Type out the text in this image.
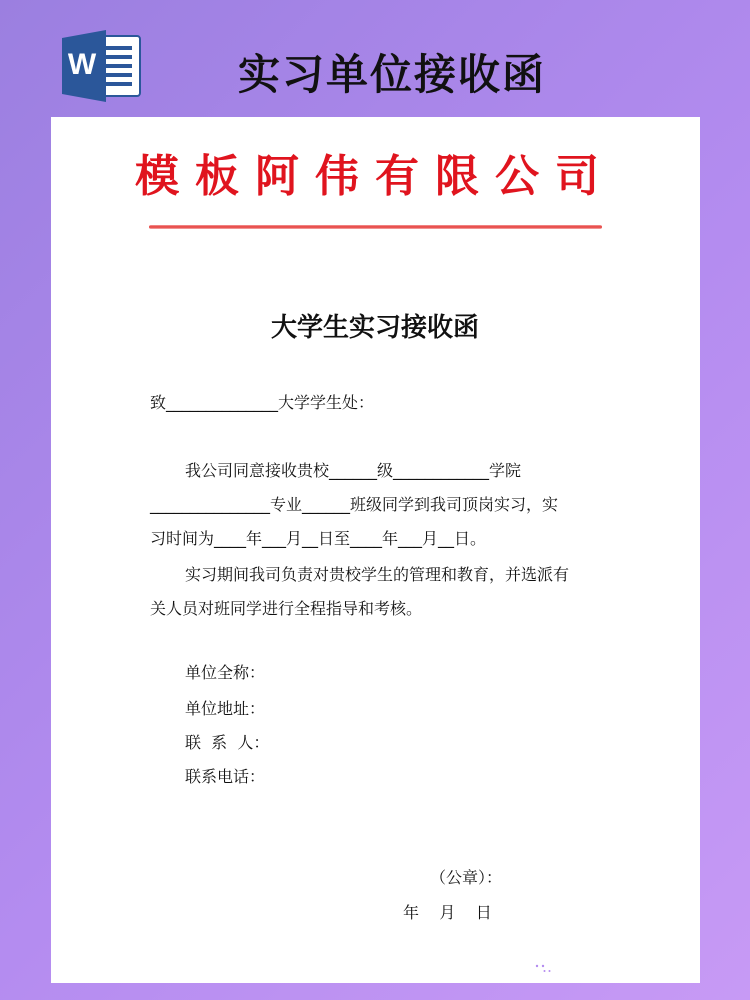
W	实习单位接收函
模板阿伟有限公司
大学生实习接收函
致______________大学学生处：
我公司同意接收贵校______级____________学院
_______________专业______班级同学到我司顶岗实习，实
习时间为____年___月__日至____年___月__日。
实习期间我司负责对贵校学生的管理和教育，并选派有
关人员对班同学进行全程指导和考核。
单位全称：
单位地址：
联  系  人：
联系电话：
（公章）：
年    月    日
公众号 · 模板阿伟
